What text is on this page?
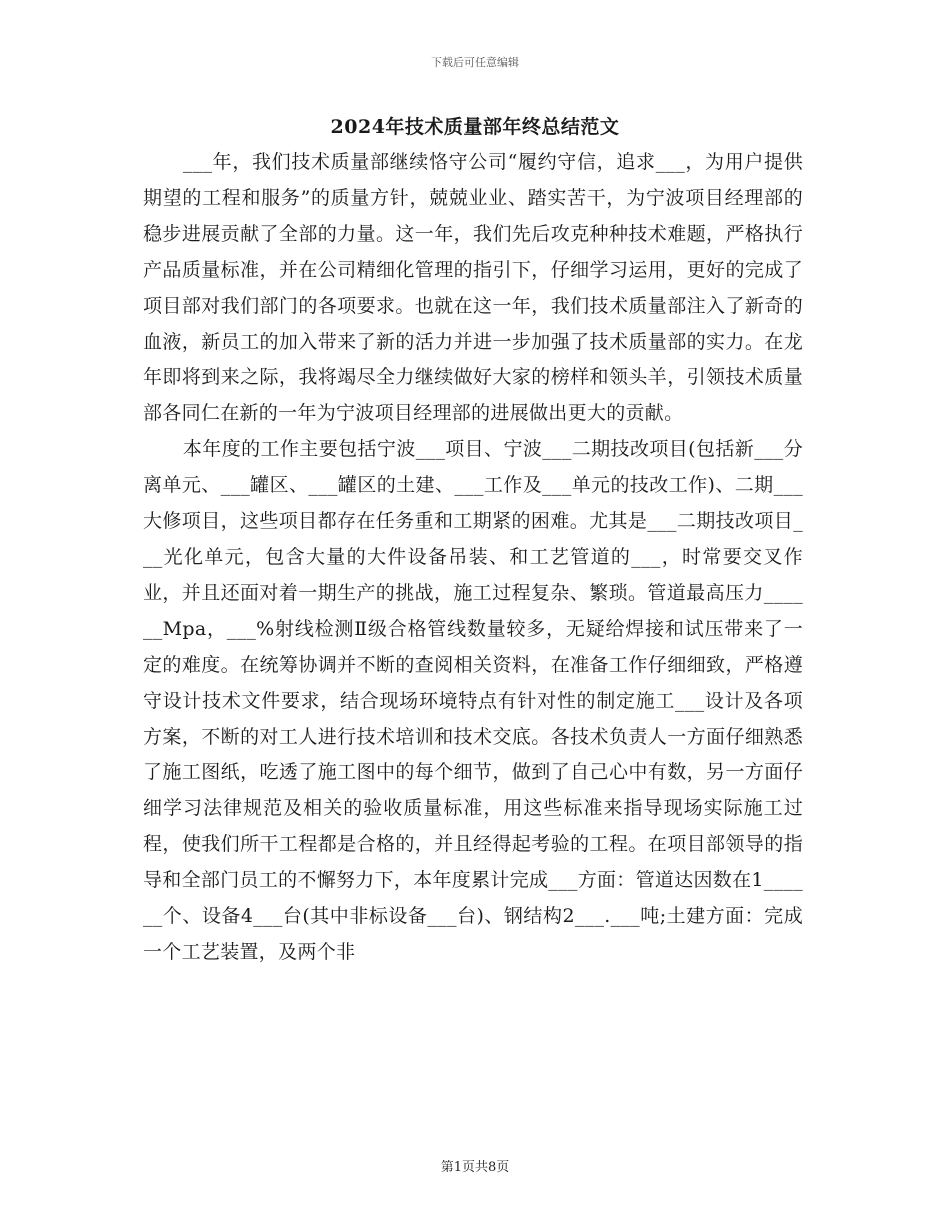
下载后可任意编辑
2024年技术质量部年终总结范文

___年，我们技术质量部继续恪守公司“履约守信，追求___，为用户提供期望的工程和服务”的质量方针，兢兢业业、踏实苦干，为宁波项目经理部的稳步进展贡献了全部的力量。这一年，我们先后攻克种种技术难题，严格执行产品质量标准，并在公司精细化管理的指引下，仔细学习运用，更好的完成了项目部对我们部门的各项要求。也就在这一年，我们技术质量部注入了新奇的血液，新员工的加入带来了新的活力并进一步加强了技术质量部的实力。在龙年即将到来之际，我将竭尽全力继续做好大家的榜样和领头羊，引领技术质量部各同仁在新的一年为宁波项目经理部的进展做出更大的贡献。

本年度的工作主要包括宁波___项目、宁波___二期技改项目(包括新___分离单元、___罐区、___罐区的土建、___工作及___单元的技改工作)、二期___大修项目，这些项目都存在任务重和工期紧的困难。尤其是___二期技改项目___光化单元，包含大量的大件设备吊装、和工艺管道的___，时常要交叉作业，并且还面对着一期生产的挑战，施工过程复杂、繁琐。管道最高压力______Mpa，___%射线检测Ⅱ级合格管线数量较多，无疑给焊接和试压带来了一定的难度。在统筹协调并不断的查阅相关资料，在准备工作仔细细致，严格遵守设计技术文件要求，结合现场环境特点有针对性的制定施工___设计及各项方案，不断的对工人进行技术培训和技术交底。各技术负责人一方面仔细熟悉了施工图纸，吃透了施工图中的每个细节，做到了自己心中有数，另一方面仔细学习法律规范及相关的验收质量标准，用这些标准来指导现场实际施工过程，使我们所干工程都是合格的，并且经得起考验的工程。在项目部领导的指导和全部门员工的不懈努力下，本年度累计完成___方面：管道达因数在1______个、设备4___台(其中非标设备___台)、钢结构2___.___吨;土建方面：完成一个工艺装置，及两个非

第1页共8页
